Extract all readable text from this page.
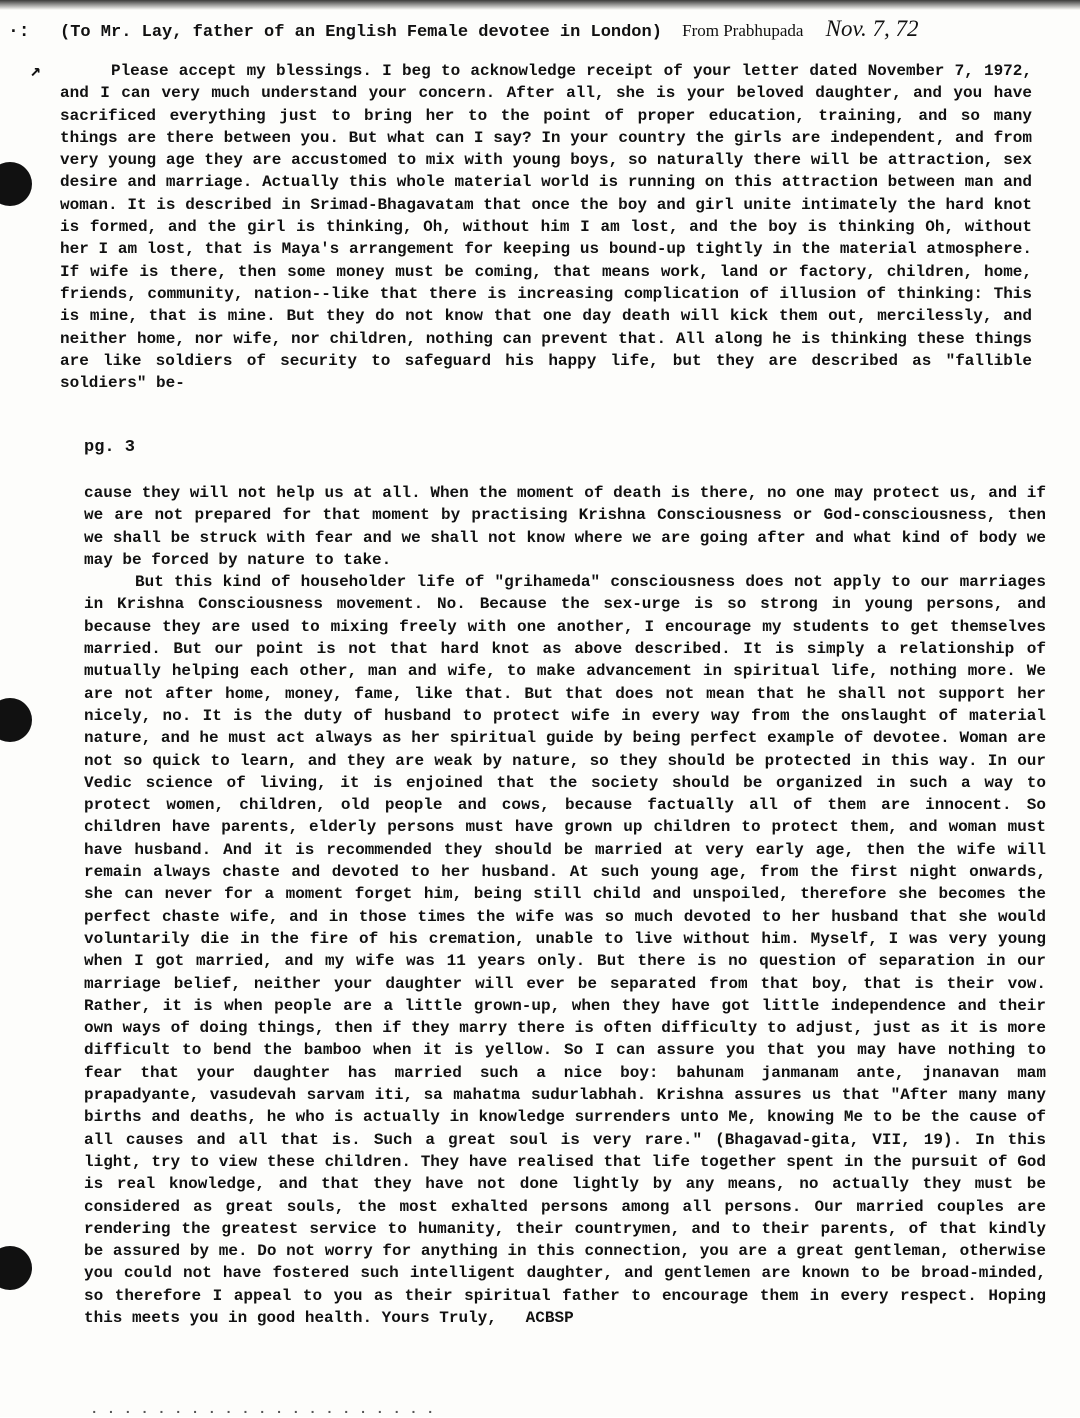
·:
↗
(To Mr. Lay, father of an English Female devotee in London) From Prabhupada Nov. 7, 72
Please accept my blessings. I beg to acknowledge receipt of your letter dated November 7, 1972, and I can very much understand your concern. After all, she is your beloved daughter, and you have sacrificed everything just to bring her to the point of proper education, training, and so many things are there between you. But what can I say? In your country the girls are independent, and from very young age they are accustomed to mix with young boys, so naturally there will be attraction, sex desire and marriage. Actually this whole material world is running on this attraction between man and woman. It is described in Srimad-Bhagavatam that once the boy and girl unite intimately the hard knot is formed, and the girl is thinking, Oh, without him I am lost, and the boy is thinking Oh, without her I am lost, that is Maya's arrangement for keeping us bound-up tightly in the material atmosphere. If wife is there, then some money must be coming, that means work, land or factory, children, home, friends, community, nation--like that there is increasing complication of illusion of thinking: This is mine, that is mine. But they do not know that one day death will kick them out, mercilessly, and neither home, nor wife, nor children, nothing can prevent that. All along he is thinking these things are like soldiers of security to safeguard his happy life, but they are described as "fallible soldiers" be-
pg. 3
cause they will not help us at all. When the moment of death is there, no one may protect us, and if we are not prepared for that moment by practising Krishna Consciousness or God-consciousness, then we shall be struck with fear and we shall not know where we are going after and what kind of body we may be forced by nature to take.
But this kind of householder life of "grihameda" consciousness does not apply to our marriages in Krishna Consciousness movement. No. Because the sex-urge is so strong in young persons, and because they are used to mixing freely with one another, I encourage my students to get themselves married. But our point is not that hard knot as above described. It is simply a relationship of mutually helping each other, man and wife, to make advancement in spiritual life, nothing more. We are not after home, money, fame, like that. But that does not mean that he shall not support her nicely, no. It is the duty of husband to protect wife in every way from the onslaught of material nature, and he must act always as her spiritual guide by being perfect example of devotee. Woman are not so quick to learn, and they are weak by nature, so they should be protected in this way. In our Vedic science of living, it is enjoined that the society should be organized in such a way to protect women, children, old people and cows, because factually all of them are innocent. So children have parents, elderly persons must have grown up children to protect them, and woman must have husband. And it is recommended they should be married at very early age, then the wife will remain always chaste and devoted to her husband. At such young age, from the first night onwards, she can never for a moment forget him, being still child and unspoiled, therefore she becomes the perfect chaste wife, and in those times the wife was so much devoted to her husband that she would voluntarily die in the fire of his cremation, unable to live without him. Myself, I was very young when I got married, and my wife was 11 years only. But there is no question of separation in our marriage belief, neither your daughter will ever be separated from that boy, that is their vow. Rather, it is when people are a little grown-up, when they have got little independence and their own ways of doing things, then if they marry there is often difficulty to adjust, just as it is more difficult to bend the bamboo when it is yellow. So I can assure you that you may have nothing to fear that your daughter has married such a nice boy: bahunam janmanam ante, jnanavan mam prapadyante, vasudevah sarvam iti, sa mahatma sudurlabhah. Krishna assures us that "After many many births and deaths, he who is actually in knowledge surrenders unto Me, knowing Me to be the cause of all causes and all that is. Such a great soul is very rare." (Bhagavad-gita, VII, 19). In this light, try to view these children. They have realised that life together spent in the pursuit of God is real knowledge, and that they have not done lightly by any means, no actually they must be considered as great souls, the most exhalted persons among all persons. Our married couples are rendering the greatest service to humanity, their countrymen, and to their parents, of that kindly be assured by me. Do not worry for anything in this connection, you are a great gentleman, otherwise you could not have fostered such intelligent daughter, and gentlemen are known to be broad-minded, so therefore I appeal to you as their spiritual father to encourage them in every respect. Hoping this meets you in good health. Yours Truly,   ACBSP
. . . . . . . . . . . . . . . . . . . . .
